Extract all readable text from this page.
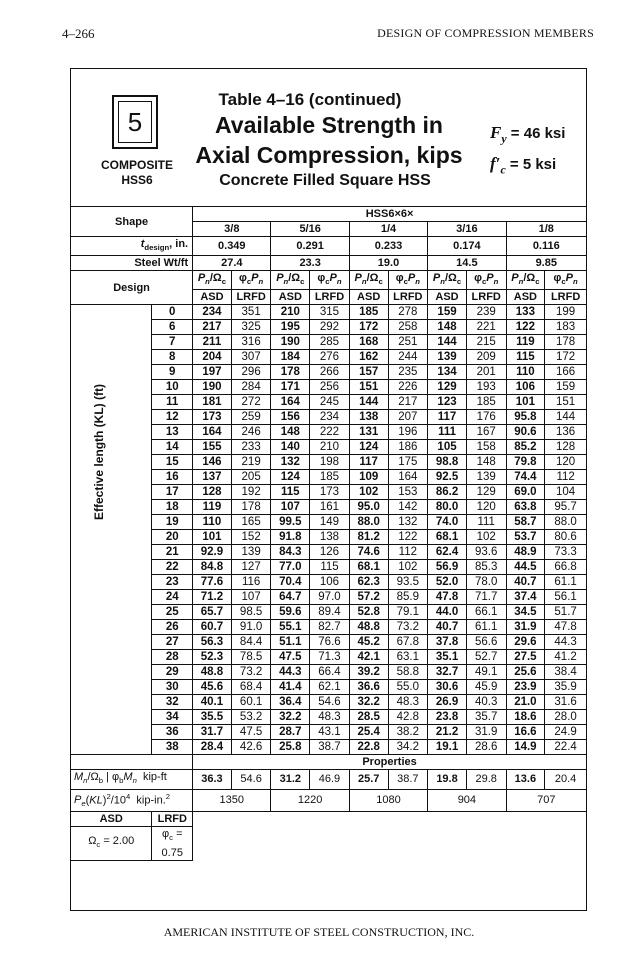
4–266	DESIGN OF COMPRESSION MEMBERS
5
COMPOSITE
HSS6
Table 4–16 (continued)
Available Strength in
Axial Compression, kips
Concrete Filled Square HSS
$F_y = 46$ ksi
$f'_c = 5$ ksi
Shape		HSS6×6×									
		3/8		5/16		1/4		3/16		1/8	
$t_{design}$, in.		0.349		0.291		0.233		0.174		0.116	
Steel Wt/ft		27.4		23.3		19.0		14.5		9.85	
Design		$P_n/\Omega_c$	$\varphi_cP_n$	$P_n/\Omega_c$	$\varphi_cP_n$	$P_n/\Omega_c$	$\varphi_cP_n$	$P_n/\Omega_c$	$\varphi_cP_n$	$P_n/\Omega_c$	$\varphi_cP_n$
		ASD	LRFD	ASD	LRFD	ASD	LRFD	ASD	LRFD	ASD	LRFD
	0	234	351	210	315	185	278	159	239	133	199
	6	217	325	195	292	172	258	148	221	122	183
	7	211	316	190	285	168	251	144	215	119	178
	8	204	307	184	276	162	244	139	209	115	172
	9	197	296	178	266	157	235	134	201	110	166
	10	190	284	171	256	151	226	129	193	106	159
	11	181	272	164	245	144	217	123	185	101	151
	12	173	259	156	234	138	207	117	176	95.8	144
	13	164	246	148	222	131	196	111	167	90.6	136
	14	155	233	140	210	124	186	105	158	85.2	128
	15	146	219	132	198	117	175	98.8	148	79.8	120
	16	137	205	124	185	109	164	92.5	139	74.4	112
	17	128	192	115	173	102	153	86.2	129	69.0	104
	18	119	178	107	161	95.0	142	80.0	120	63.8	95.7
	19	110	165	99.5	149	88.0	132	74.0	111	58.7	88.0
	20	101	152	91.8	138	81.2	122	68.1	102	53.7	80.6
	21	92.9	139	84.3	126	74.6	112	62.4	93.6	48.9	73.3
	22	84.8	127	77.0	115	68.1	102	56.9	85.3	44.5	66.8
	23	77.6	116	70.4	106	62.3	93.5	52.0	78.0	40.7	61.1
	24	71.2	107	64.7	97.0	57.2	85.9	47.8	71.7	37.4	56.1
	25	65.7	98.5	59.6	89.4	52.8	79.1	44.0	66.1	34.5	51.7
	26	60.7	91.0	55.1	82.7	48.8	73.2	40.7	61.1	31.9	47.8
	27	56.3	84.4	51.1	76.6	45.2	67.8	37.8	56.6	29.6	44.3
	28	52.3	78.5	47.5	71.3	42.1	63.1	35.1	52.7	27.5	41.2
	29	48.8	73.2	44.3	66.4	39.2	58.8	32.7	49.1	25.6	38.4
	30	45.6	68.4	41.4	62.1	36.6	55.0	30.6	45.9	23.9	35.9
	32	40.1	60.1	36.4	54.6	32.2	48.3	26.9	40.3	21.0	31.6
	34	35.5	53.2	32.2	48.3	28.5	42.8	23.8	35.7	18.6	28.0
	36	31.7	47.5	28.7	43.1	25.4	38.2	21.2	31.9	16.6	24.9
	38	28.4	42.6	25.8	38.7	22.8	34.2	19.1	28.6	14.9	22.4
		Properties									
$M_n/\Omega_b$ | $\varphi_bM_n$ kip-ft		36.3	54.6	31.2	46.9	25.7	38.7	19.8	29.8	13.6	20.4
$P_e(KL)^2/10^4$ kip-in.$^2$		1350		1220		1080		904		707	
ASD	LRFD										
$\Omega_c = 2.00$	$\varphi_c = 0.75$										
Effective length (KL) (ft)
AMERICAN INSTITUTE OF STEEL CONSTRUCTION, INC.
